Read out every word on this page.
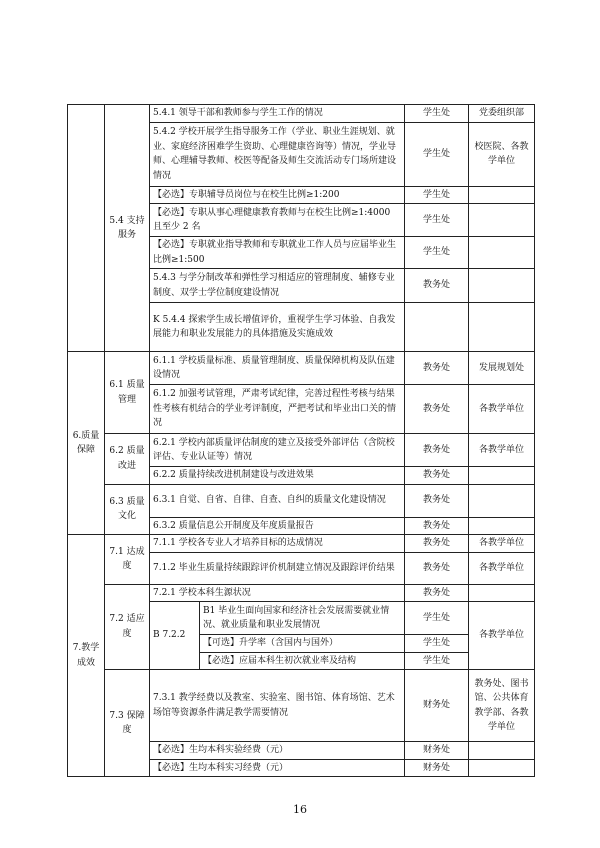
	5.4 支持服务	5.4.1 领导干部和教师参与学生工作的情况		学生处	党委组织部
		5.4.2 学校开展学生指导服务工作（学业、职业生涯规划、就业、家庭经济困难学生资助、心理健康咨询等）情况，学业导师、心理辅导教师、校医等配备及师生交流活动专门场所建设情况		学生处	校医院、各教学单位
		【必选】专职辅导员岗位与在校生比例≥1:200		学生处	
		【必选】专职从事心理健康教育教师与在校生比例≥1:4000 且至少 2 名		学生处	
		【必选】专职就业指导教师和专职就业工作人员与应届毕业生比例≥1:500		学生处	
		5.4.3 与学分制改革和弹性学习相适应的管理制度、辅修专业制度、双学士学位制度建设情况		教务处	
		K 5.4.4 探索学生成长增值评价，重视学生学习体验、自我发展能力和职业发展能力的具体措施及实施成效			
6.质量保障	6.1 质量管理	6.1.1 学校质量标准、质量管理制度、质量保障机构及队伍建设情况		教务处	发展规划处
		6.1.2 加强考试管理，严肃考试纪律，完善过程性考核与结果性考核有机结合的学业考评制度，严把考试和毕业出口关的情况		教务处	各教学单位
	6.2 质量改进	6.2.1 学校内部质量评估制度的建立及接受外部评估（含院校评估、专业认证等）情况		教务处	各教学单位
		6.2.2 质量持续改进机制建设与改进效果		教务处	
	6.3 质量文化	6.3.1 自觉、自省、自律、自查、自纠的质量文化建设情况		教务处	
		6.3.2 质量信息公开制度及年度质量报告		教务处	
7.教学成效	7.1 达成度	7.1.1 学校各专业人才培养目标的达成情况		教务处	各教学单位
		7.1.2 毕业生质量持续跟踪评价机制建立情况及跟踪评价结果		教务处	各教学单位
	7.2 适应度	7.2.1 学校本科生源状况		教务处	
		B 7.2.2	B1 毕业生面向国家和经济社会发展需要就业情况、就业质量和职业发展情况	学生处	各教学单位
			【可选】升学率（含国内与国外）	学生处	
			【必选】应届本科生初次就业率及结构	学生处	
	7.3 保障度	7.3.1 教学经费以及教室、实验室、图书馆、体育场馆、艺术场馆等资源条件满足教学需要情况		财务处	教务处、图书馆、公共体育教学部、各教学单位
		【必选】生均本科实验经费（元）		财务处	
		【必选】生均本科实习经费（元）		财务处	
16
